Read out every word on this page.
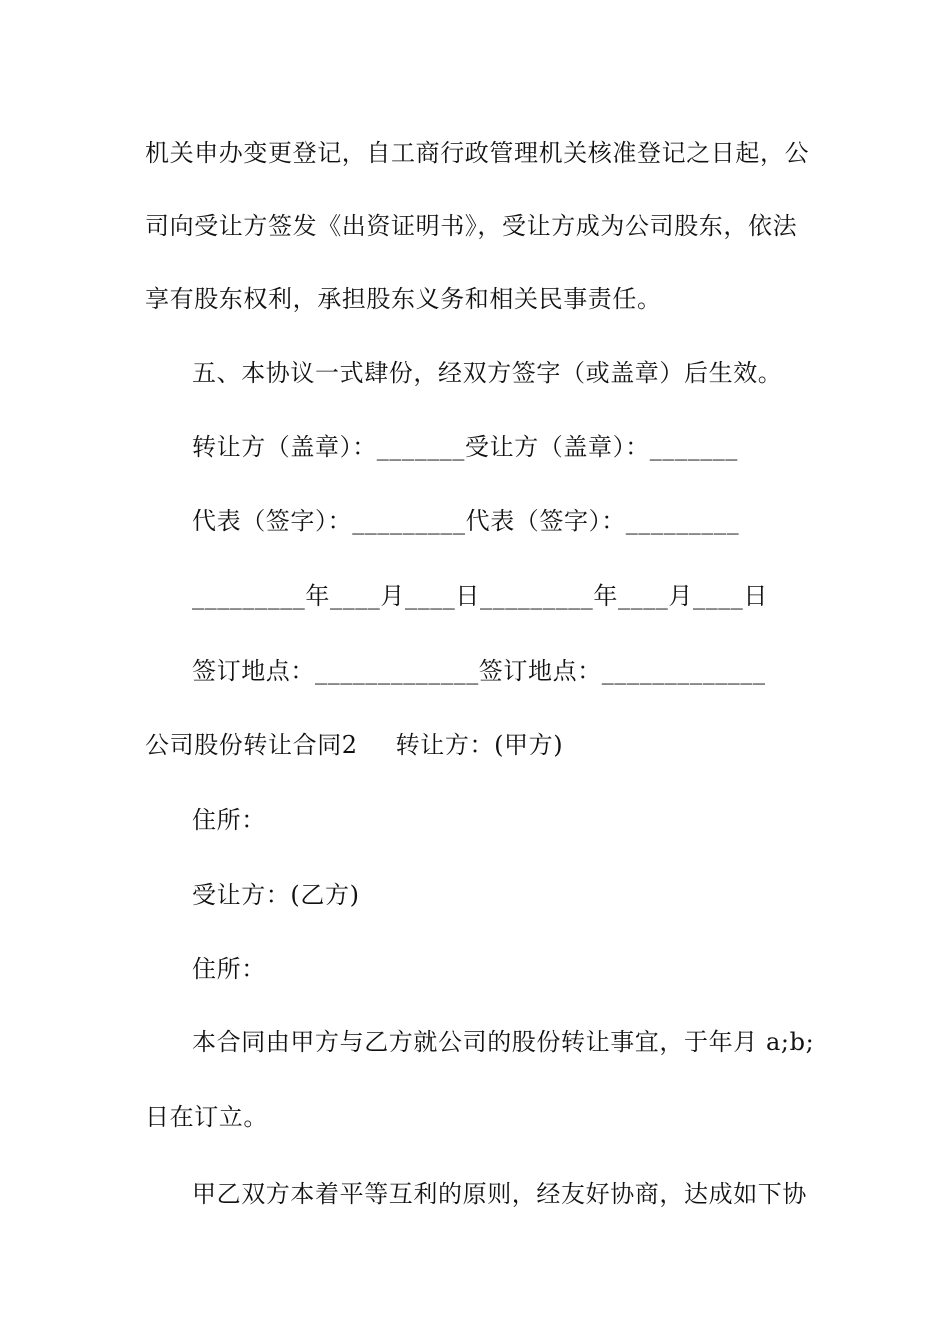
机关申办变更登记，自工商行政管理机关核准登记之日起，公
司向受让方签发《出资证明书》，受让方成为公司股东，依法
享有股东权利，承担股东义务和相关民事责任。
五、本协议一式肆份，经双方签字（或盖章）后生效。
转让方（盖章）：_______受让方（盖章）：_______
代表（签字）：_________代表（签字）：_________
_________年____月____日_________年____月____日
签订地点：_____________签订地点：_____________
公司股份转让合同2 转让方：(甲方)
住所：
受让方：(乙方)
住所：
本合同由甲方与乙方就公司的股份转让事宜，于年月 a;b;
日在订立。
甲乙双方本着平等互利的原则，经友好协商，达成如下协
